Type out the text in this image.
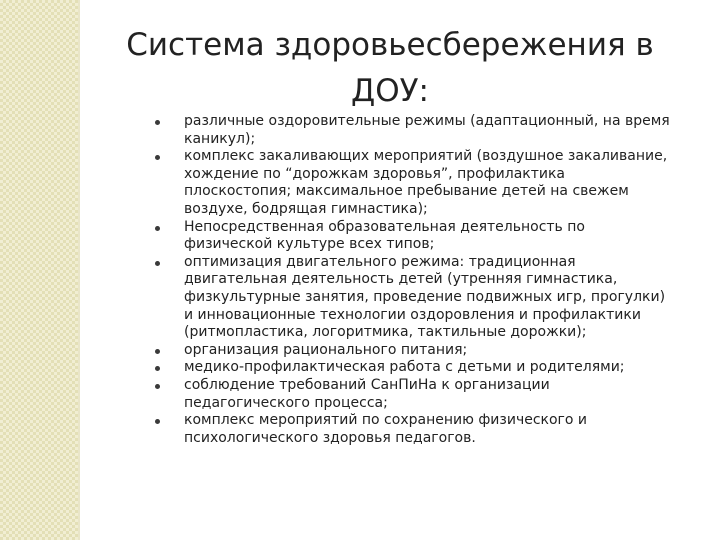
Система здоровьесбережения в
ДОУ:
различные оздоровительные режимы (адаптационный, на время каникул);
комплекс закаливающих мероприятий (воздушное закаливание, хождение по “дорожкам здоровья”, профилактика плоскостопия; максимальное пребывание детей на свежем воздухе, бодрящая гимнастика);
Непосредственная образовательная деятельность по физической культуре всех типов;
оптимизация двигательного режима: традиционная двигательная деятельность детей (утренняя гимнастика, физкультурные занятия, проведение подвижных игр, прогулки) и инновационные технологии оздоровления и профилактики (ритмопластика, логоритмика, тактильные дорожки);
организация рационального питания;
медико-профилактическая работа с детьми и родителями;
соблюдение требований СанПиНа к организации педагогического процесса;
комплекс мероприятий по сохранению физического и психологического здоровья педагогов.
